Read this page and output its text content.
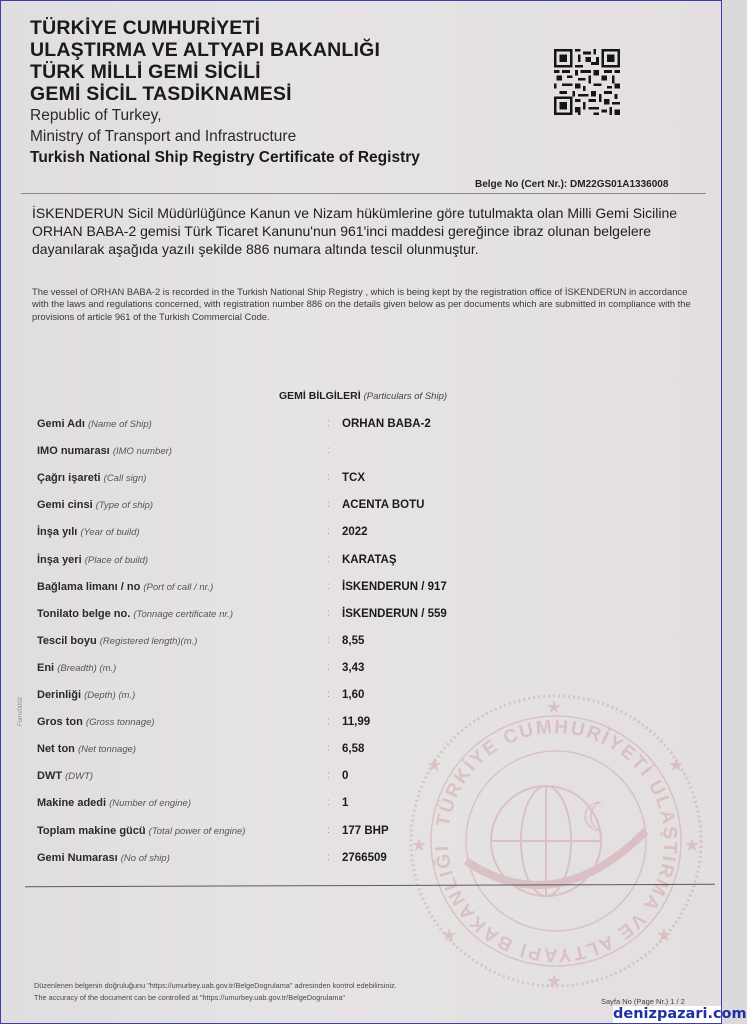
TÜRKİYE CUMHURİYETİ
ULAŞTIRMA VE ALTYAPI BAKANLIĞI
TÜRK MİLLİ GEMİ SİCİLİ
GEMİ SİCİL TASDİKNAMESİ
Republic of Turkey,
Ministry of Transport and Infrastructure
Turkish National Ship Registry Certificate of Registry
Belge No (Cert Nr.): DM22GS01A1336008
İSKENDERUN Sicil Müdürlüğünce Kanun ve Nizam hükümlerine göre tutulmakta olan Milli Gemi Siciline ORHAN BABA-2 gemisi Türk Ticaret Kanunu'nun 961'inci maddesi gereğince ibraz olunan belgelere dayanılarak aşağıda yazılı şekilde 886 numara altında tescil olunmuştur.
The vessel of ORHAN BABA-2 is recorded in the Turkish National Ship Registry , which is being kept by the registration office of İSKENDERUN in accordance with the laws and regulations concerned, with registration number 886 on the details given below as per documents which are submitted in compliance with the provisions of article 961 of the Turkish Commercial Code.
TÜRKİYE CUMHURİYETİ ULAŞTIRMA VE ALTYAPI BAKANLIĞI
☾
★	★
★	★
★	★
★
★
GEMİ BİLGİLERİ (Particulars of Ship)
Gemi Adı (Name of Ship)	: ORHAN BABA-2
IMO numarası (IMO number)	:
Çağrı işareti (Call sign)	: TCX
Gemi cinsi (Type of ship)	: ACENTA BOTU
İnşa yılı (Year of build)	: 2022
İnşa yeri (Place of build)	: KARATAŞ
Bağlama limanı / no (Port of call / nr.)	: İSKENDERUN / 917
Tonilato belge no. (Tonnage certificate nr.)	: İSKENDERUN / 559
Tescil boyu (Registered length)(m.)	: 8,55
Eni (Breadth) (m.)	: 3,43
Derinliği (Depth) (m.)	: 1,60
Gros ton (Gross tonnage)	: 11,99
Net ton (Net tonnage)	: 6,58
DWT (DWT)	: 0
Makine adedi (Number of engine)	: 1
Toplam makine gücü (Total power of engine)	: 177 BHP
Gemi Numarası (No of ship)	: 2766509
Form/0002
Düzenlenen belgenin doğruluğunu "https://umurbey.uab.gov.tr/BelgeDogrulama" adresinden kontrol edebilirsiniz.
The accuracy of the document can be controlled at "https://umurbey.uab.gov.tr/BelgeDogrulama"	Sayfa No (Page Nr.) 1 / 2
denizpazari.com
